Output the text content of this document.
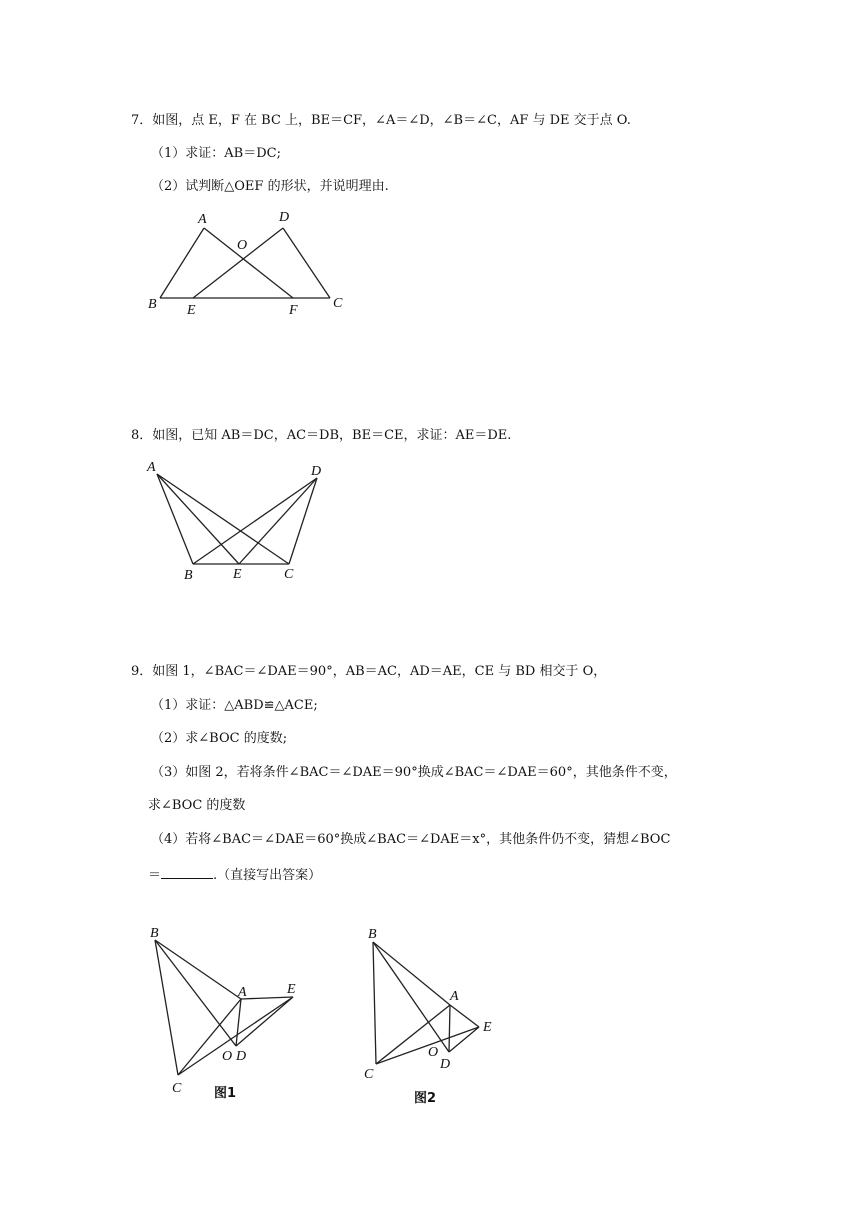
7．如图，点 E，F 在 BC 上，BE＝CF，∠A＝∠D，∠B＝∠C，AF 与 DE 交于点 O.
（1）求证：AB＝DC;
（2）试判断△OEF 的形状，并说明理由.
A	D
O
B E	F	C
8．如图，已知 AB＝DC，AC＝DB，BE＝CE，求证：AE＝DE.
A	D
B	E	C
9．如图 1，∠BAC＝∠DAE＝90°，AB＝AC，AD＝AE，CE 与 BD 相交于 O，
（1）求证：△ABD≌△ACE;
（2）求∠BOC 的度数;
（3）如图 2，若将条件∠BAC＝∠DAE＝90°换成∠BAC＝∠DAE＝60°，其他条件不变，
求∠BOC 的度数
（4）若将∠BAC＝∠DAE＝60°换成∠BAC＝∠DAE＝x°，其他条件仍不变，猜想∠BOC
＝	.（直接写出答案）
B
A	E
O D
C	图1
B
A
E
O
D
C
图2
